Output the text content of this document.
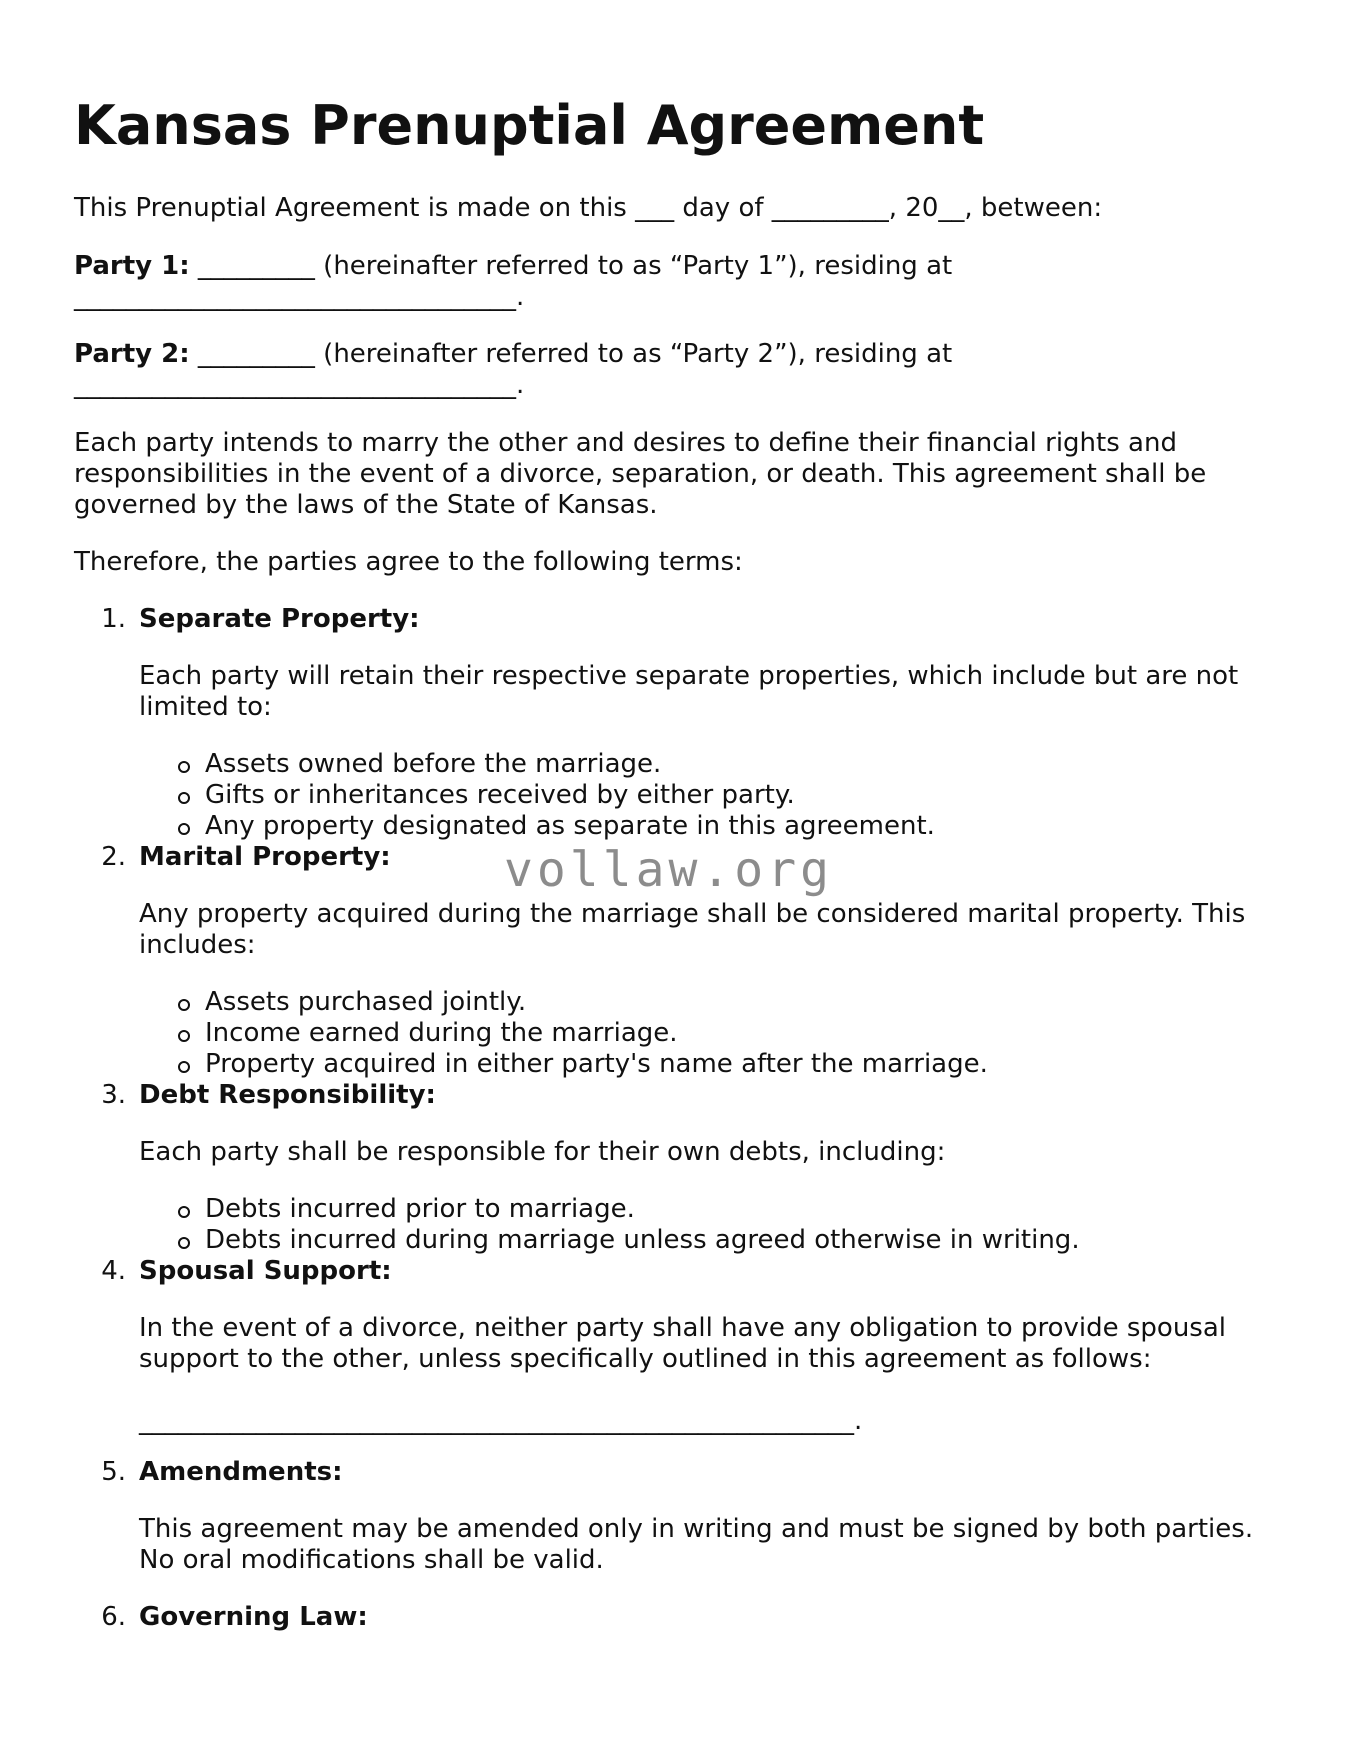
Kansas Prenuptial Agreement

This Prenuptial Agreement is made on this ___ day of _________, 20__, between:

Party 1: _________ (hereinafter referred to as “Party 1”), residing at

__________________________________.

Party 2: _________ (hereinafter referred to as “Party 2”), residing at

__________________________________.

Each party intends to marry the other and desires to define their financial rights and

responsibilities in the event of a divorce, separation, or death. This agreement shall be

governed by the laws of the State of Kansas.

Therefore, the parties agree to the following terms:

1. Separate Property:

Each party will retain their respective separate properties, which include but are not

limited to:

Assets owned before the marriage.
Gifts or inheritances received by either party.
Any property designated as separate in this agreement.
2. Marital Property:

Any property acquired during the marriage shall be considered marital property. This

includes:

Assets purchased jointly.
Income earned during the marriage.
Property acquired in either party's name after the marriage.
3. Debt Responsibility:

Each party shall be responsible for their own debts, including:

Debts incurred prior to marriage.
Debts incurred during marriage unless agreed otherwise in writing.
4. Spousal Support:

In the event of a divorce, neither party shall have any obligation to provide spousal

support to the other, unless specifically outlined in this agreement as follows:

_______________________________________________________.

5. Amendments:

This agreement may be amended only in writing and must be signed by both parties.

No oral modifications shall be valid.

6. Governing Law:
vollaw.org
